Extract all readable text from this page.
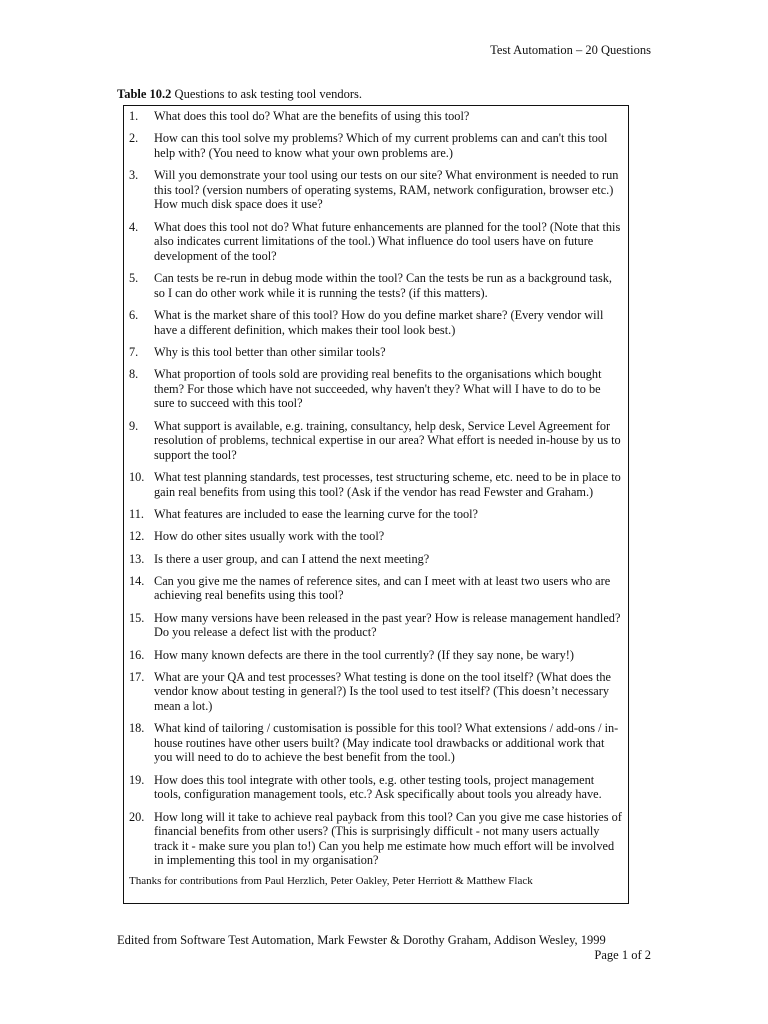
Test Automation – 20 Questions
Table 10.2 Questions to ask testing tool vendors.
1.	What does this tool do? What are the benefits of using this tool?
2.	How can this tool solve my problems? Which of my current problems can and can't this tool help with? (You need to know what your own problems are.)
3.	Will you demonstrate your tool using our tests on our site? What environment is needed to run this tool? (version numbers of operating systems, RAM, network configuration, browser etc.) How much disk space does it use?
4.	What does this tool not do? What future enhancements are planned for the tool? (Note that this also indicates current limitations of the tool.) What influence do tool users have on future development of the tool?
5.	Can tests be re-run in debug mode within the tool? Can the tests be run as a background task, so I can do other work while it is running the tests? (if this matters).
6.	What is the market share of this tool? How do you define market share? (Every vendor will have a different definition, which makes their tool look best.)
7.	Why is this tool better than other similar tools?
8.	What proportion of tools sold are providing real benefits to the organisations which bought them? For those which have not succeeded, why haven't they? What will I have to do to be sure to succeed with this tool?
9.	What support is available, e.g. training, consultancy, help desk, Service Level Agreement for resolution of problems, technical expertise in our area? What effort is needed in-house by us to support the tool?
10. What test planning standards, test processes, test structuring scheme, etc. need to be in place to gain real benefits from using this tool? (Ask if the vendor has read Fewster and Graham.)
11. What features are included to ease the learning curve for the tool?
12. How do other sites usually work with the tool?
13. Is there a user group, and can I attend the next meeting?
14. Can you give me the names of reference sites, and can I meet with at least two users who are achieving real benefits using this tool?
15. How many versions have been released in the past year? How is release management handled? Do you release a defect list with the product?
16. How many known defects are there in the tool currently? (If they say none, be wary!)
17. What are your QA and test processes? What testing is done on the tool itself? (What does the vendor know about testing in general?) Is the tool used to test itself? (This doesn’t necessary mean a lot.)
18. What kind of tailoring / customisation is possible for this tool? What extensions / add-ons / in-house routines have other users built? (May indicate tool drawbacks or additional work that you will need to do to achieve the best benefit from the tool.)
19. How does this tool integrate with other tools, e.g. other testing tools, project management tools, configuration management tools, etc.? Ask specifically about tools you already have.
20. How long will it take to achieve real payback from this tool? Can you give me case histories of financial benefits from other users? (This is surprisingly difficult - not many users actually track it - make sure you plan to!) Can you help me estimate how much effort will be involved in implementing this tool in my organisation?
Thanks for contributions from Paul Herzlich, Peter Oakley, Peter Herriott & Matthew Flack
Edited from Software Test Automation, Mark Fewster & Dorothy Graham, Addison Wesley, 1999
Page 1 of 2
